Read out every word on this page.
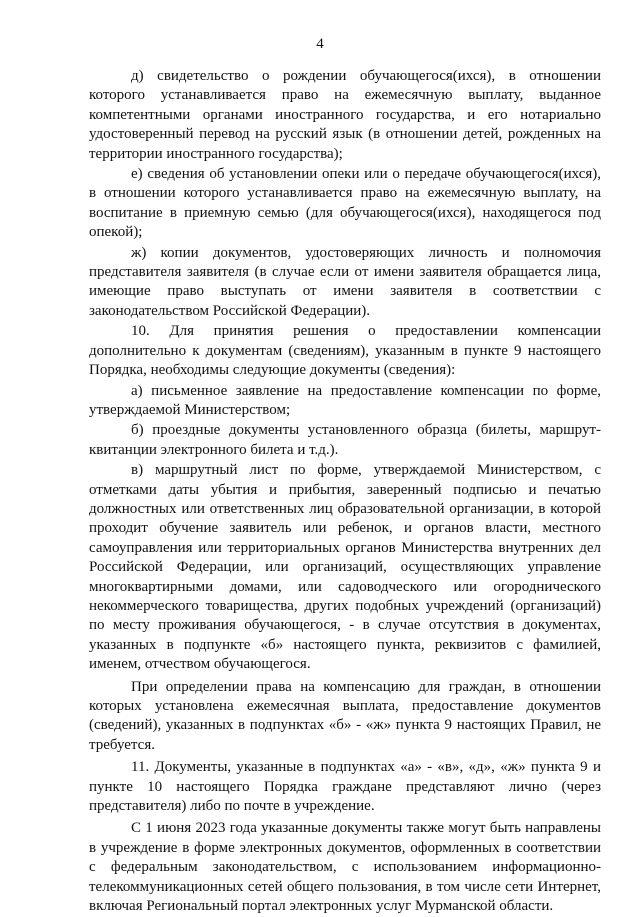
4

д) свидетельство о рождении обучающегося(ихся), в отношении которого устанавливается право на ежемесячную выплату, выданное компетентными органами иностранного государства, и его нотариально удостоверенный перевод на русский язык (в отношении детей, рожденных на территории иностранного государства);

е) сведения об установлении опеки или о передаче обучающегося(ихся), в отношении которого устанавливается право на ежемесячную выплату, на воспитание в приемную семью (для обучающегося(ихся), находящегося под опекой);

ж) копии документов, удостоверяющих личность и полномочия представителя заявителя (в случае если от имени заявителя обращается лица, имеющие право выступать от имени заявителя в соответствии с законодательством Российской Федерации).

10. Для принятия решения о предоставлении компенсации дополнительно к документам (сведениям), указанным в пункте 9 настоящего Порядка, необходимы следующие документы (сведения):

а) письменное заявление на предоставление компенсации по форме, утверждаемой Министерством;

б) проездные документы установленного образца (билеты, маршрут-квитанции электронного билета и т.д.).

в) маршрутный лист по форме, утверждаемой Министерством, с отметками даты убытия и прибытия, заверенный подписью и печатью должностных или ответственных лиц образовательной организации, в которой проходит обучение заявитель или ребенок, и органов власти, местного самоуправления или территориальных органов Министерства внутренних дел Российской Федерации, или организаций, осуществляющих управление многоквартирными домами, или садоводческого или огороднического некоммерческого товарищества, других подобных учреждений (организаций) по месту проживания обучающегося, - в случае отсутствия в документах, указанных в подпункте «б» настоящего пункта, реквизитов с фамилией, именем, отчеством обучающегося.

При определении права на компенсацию для граждан, в отношении которых установлена ежемесячная выплата, предоставление документов (сведений), указанных в подпунктах «б» - «ж» пункта 9 настоящих Правил, не требуется.

11. Документы, указанные в подпунктах «а» - «в», «д», «ж» пункта 9 и пункте 10 настоящего Порядка граждане представляют лично (через представителя) либо по почте в учреждение.

С 1 июня 2023 года указанные документы также могут быть направлены в учреждение в форме электронных документов, оформленных в соответствии с федеральным законодательством, с использованием информационно-телекоммуникационных сетей общего пользования, в том числе сети Интернет, включая Региональный портал электронных услуг Мурманской области.
